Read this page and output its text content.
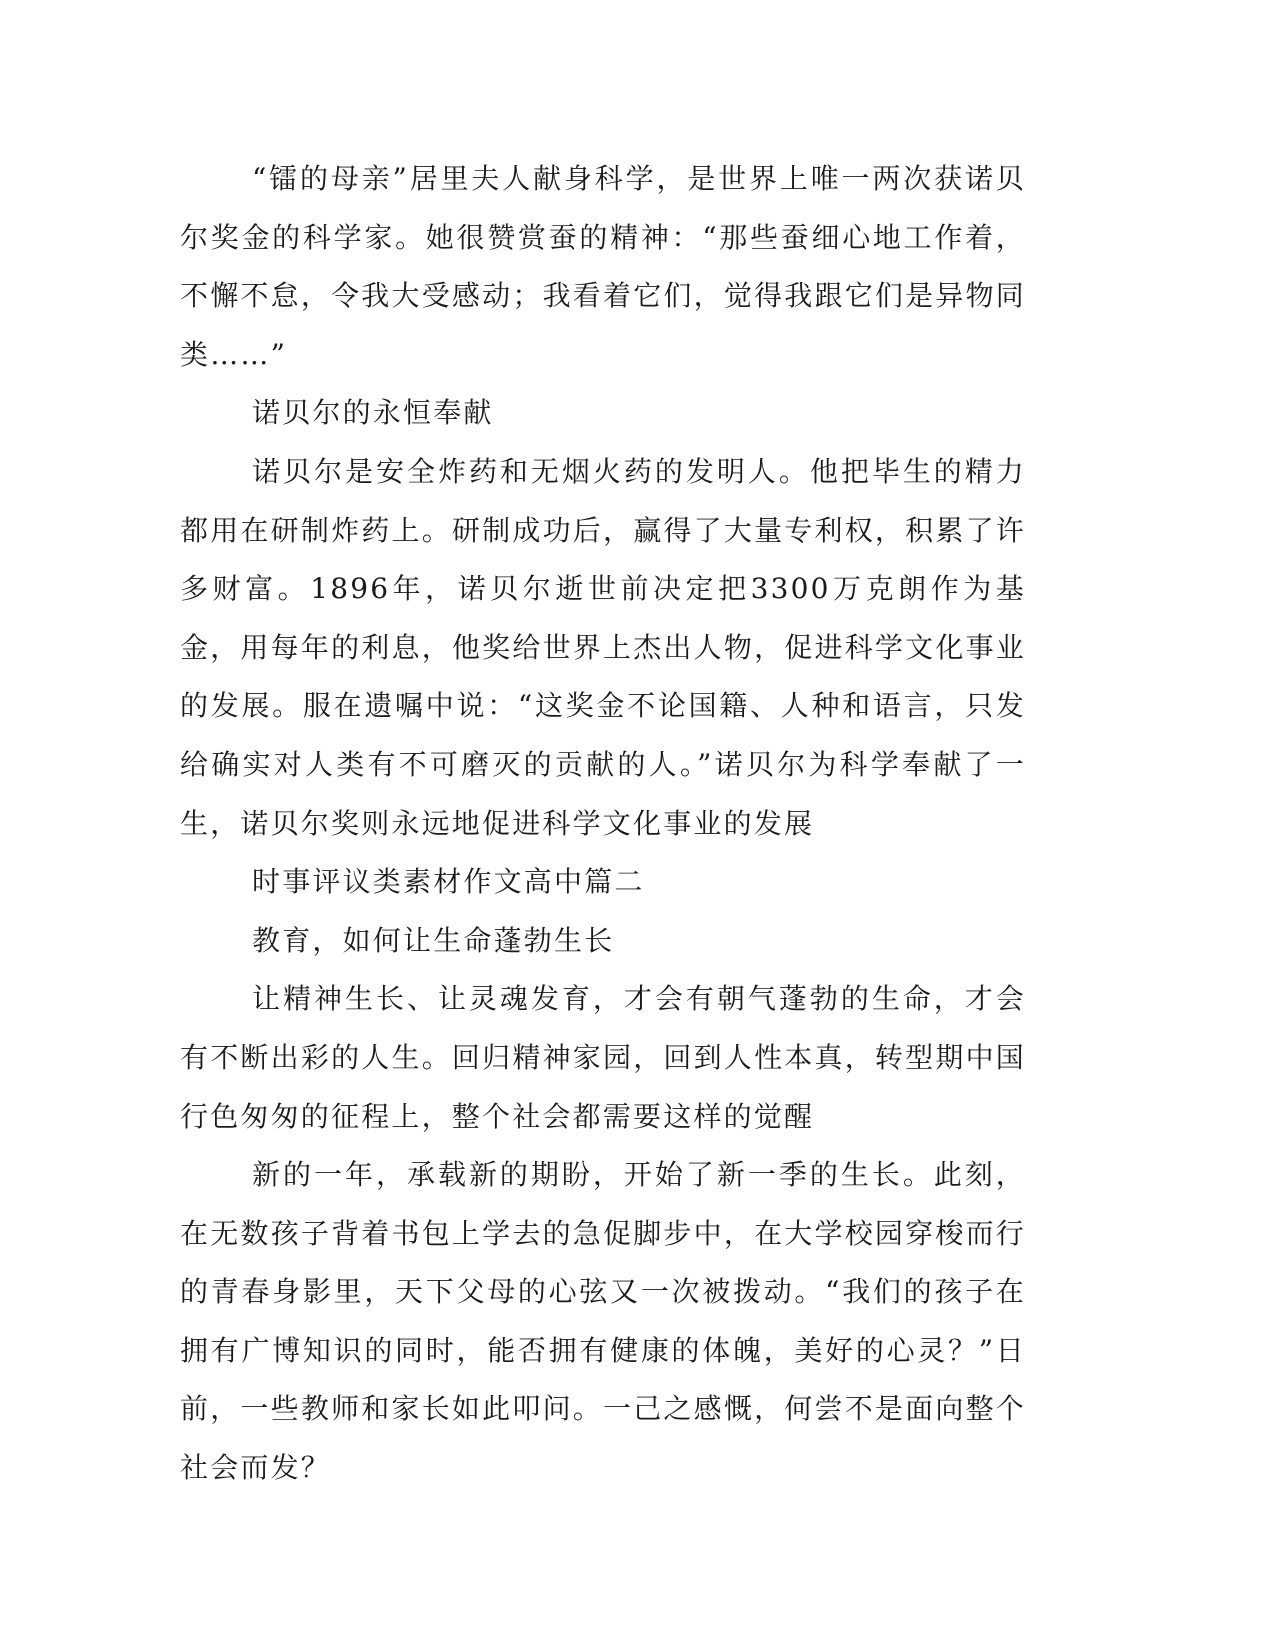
“镭的母亲”居里夫人献身科学，是世界上唯一两次获诺贝尔奖金的科学家。她很赞赏蚕的精神：“那些蚕细心地工作着，不懈不怠，令我大受感动；我看着它们，觉得我跟它们是异物同类……”

诺贝尔的永恒奉献

诺贝尔是安全炸药和无烟火药的发明人。他把毕生的精力都用在研制炸药上。研制成功后，赢得了大量专利权，积累了许多财富。1896年，诺贝尔逝世前决定把3300万克朗作为基金，用每年的利息，他奖给世界上杰出人物，促进科学文化事业的发展。服在遗嘱中说：“这奖金不论国籍、人种和语言，只发给确实对人类有不可磨灭的贡献的人。”诺贝尔为科学奉献了一生，诺贝尔奖则永远地促进科学文化事业的发展

时事评议类素材作文高中篇二

教育，如何让生命蓬勃生长

让精神生长、让灵魂发育，才会有朝气蓬勃的生命，才会有不断出彩的人生。回归精神家园，回到人性本真，转型期中国行色匆匆的征程上，整个社会都需要这样的觉醒

新的一年，承载新的期盼，开始了新一季的生长。此刻，在无数孩子背着书包上学去的急促脚步中，在大学校园穿梭而行的青春身影里，天下父母的心弦又一次被拨动。“我们的孩子在拥有广博知识的同时，能否拥有健康的体魄，美好的心灵？”日前，一些教师和家长如此叩问。一己之感慨，何尝不是面向整个社会而发？
